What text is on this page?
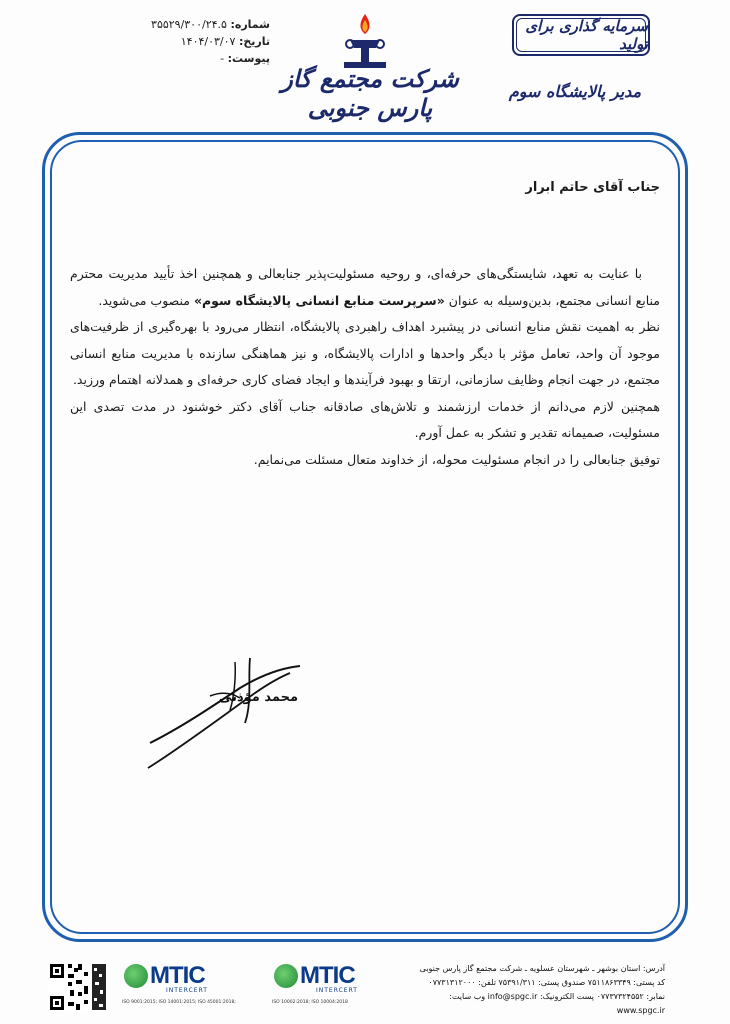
شماره: ۳۵۵۲۹/۳۰۰/۲۴.۵
تاریخ: ۱۴۰۴/۰۳/۰۷
پیوست: -
شرکت مجتمع گاز پارس جنوبی
سرمایه گذاری برای تولید
مدیر پالایشگاه سوم
جناب آقای حاتم ابرار

با عنایت به تعهد، شایستگی‌های حرفه‌ای، و روحیه مسئولیت‌پذیر جنابعالی و همچنین اخذ تأیید مدیریت محترم منابع انسانی مجتمع، بدین‌وسیله به عنوان «سرپرست منابع انسانی پالایشگاه سوم» منصوب می‌شوید.

نظر به اهمیت نقش منابع انسانی در پیشبرد اهداف راهبردی پالایشگاه، انتظار می‌رود با بهره‌گیری از ظرفیت‌های موجود آن واحد، تعامل مؤثر با دیگر واحدها و ادارات پالایشگاه، و نیز هماهنگی سازنده با مدیریت منابع انسانی مجتمع، در جهت انجام وظایف سازمانی، ارتقا و بهبود فرآیندها و ایجاد فضای کاری حرفه‌ای و همدلانه اهتمام ورزید.

همچنین لازم می‌دانم از خدمات ارزشمند و تلاش‌های صادقانه جناب آقای دکتر خوشنود در مدت تصدی این مسئولیت، صمیمانه تقدیر و تشکر به عمل آورم.

توفیق جنابعالی را در انجام مسئولیت محوله، از خداوند متعال مسئلت می‌نمایم.

محمد مؤذنی
MTIC
INTERCERT
ISO 9001:2015; ISO 14001:2015; ISO 45001:2018;
MTIC
INTERCERT
ISO 10002:2018; ISO 10004:2018
آدرس: استان بوشهر ـ شهرستان عسلویه ـ شرکت مجتمع گاز پارس جنوبی
کد پستی: ۷۵۱۱۸۶۳۳۴۹ صندوق پستی: ۷۵۳۹۱/۳۱۱ تلفن: ۰۷۷۳۱۳۱۲۰۰۰
نمابر: ۰۷۷۳۷۳۲۴۵۵۲ پست الکترونیک: info@spgc.ir وب سایت: www.spgc.ir
